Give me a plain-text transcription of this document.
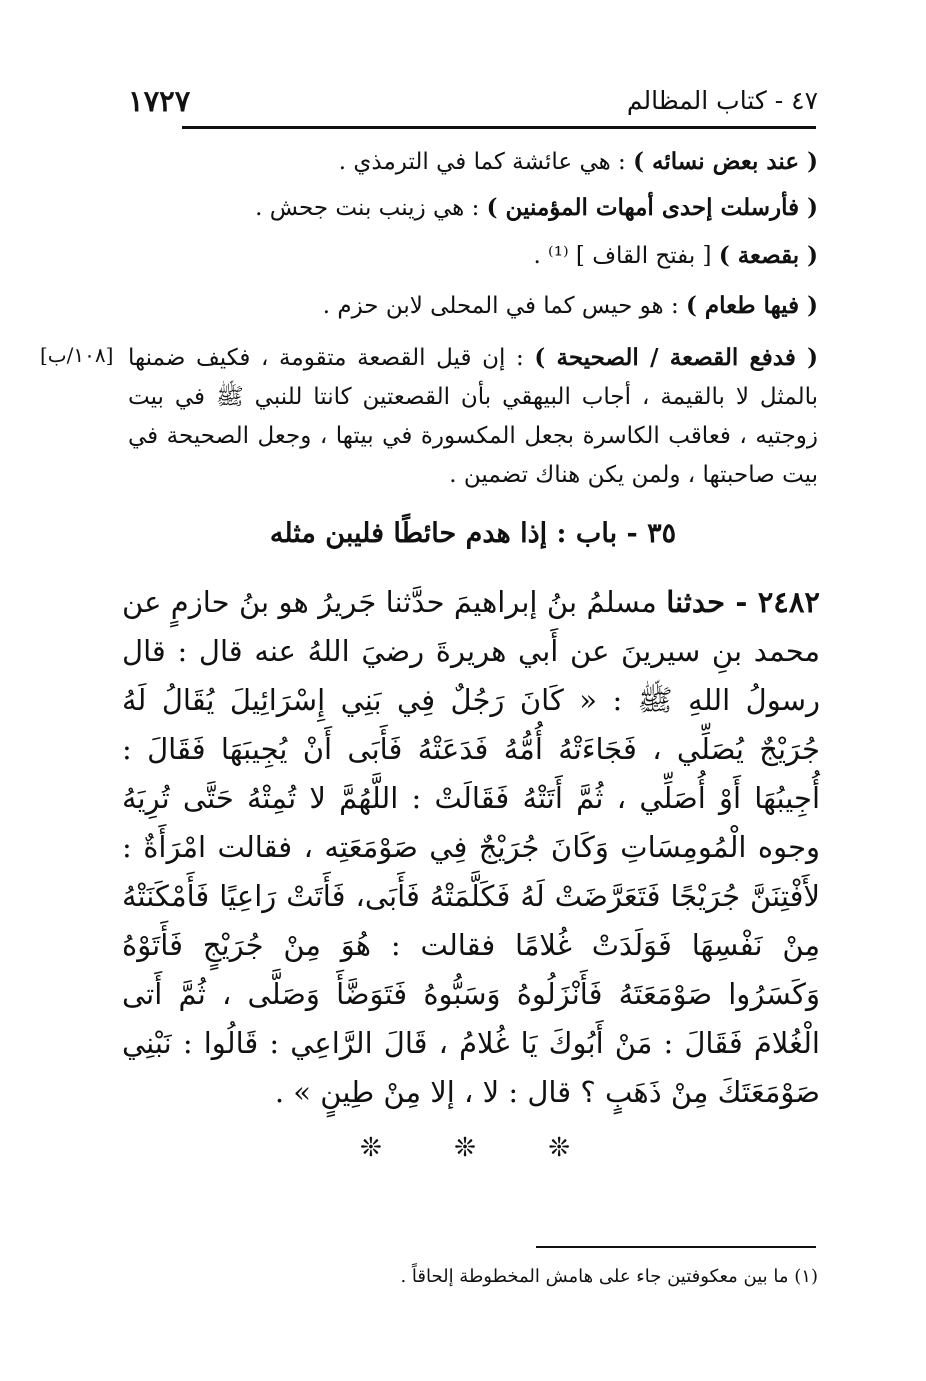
١٧٢٧	٤٧ - كتاب المظالم
( عند بعض نسائه ) : هي عائشة كما في الترمذي .
( فأرسلت إحدى أمهات المؤمنين ) : هي زينب بنت جحش .
( بقصعة ) [ بفتح القاف ] ⁽¹⁾ .
( فيها طعام ) : هو حيس كما في المحلى لابن حزم .
[١٠٨/ب]	( فدفع القصعة / الصحيحة ) : إن قيل القصعة متقومة ، فكيف ضمنها بالمثل لا بالقيمة ، أجاب البيهقي بأن القصعتين كانتا للنبي ﷺ في بيت زوجتيه ، فعاقب الكاسرة بجعل المكسورة في بيتها ، وجعل الصحيحة في بيت صاحبتها ، ولمن يكن هناك تضمين .
٣٥ - باب : إذا هدم حائطًا فليبن مثله
٢٤٨٢ - حدثنا مسلمُ بنُ إبراهيمَ حدَّثنا جَريرُ هو بنُ حازمٍ عن محمد بنِ سيرينَ عن أَبي هريرةَ رضيَ اللهُ عنه قال : قال رسولُ اللهِ ﷺ : « كَانَ رَجُلٌ فِي بَنِي إِسْرَائِيلَ يُقَالُ لَهُ جُرَيْجٌ يُصَلِّي ، فَجَاءَتْهُ أُمُّهُ فَدَعَتْهُ فَأَبَى أَنْ يُجِيبَهَا فَقَالَ : أُجِيبُهَا أَوْ أُصَلِّي ، ثُمَّ أَتَتْهُ فَقَالَتْ : اللَّهُمَّ لا تُمِتْهُ حَتَّى تُرِيَهُ وجوه الْمُومِسَاتِ وَكَانَ جُرَيْجٌ فِي صَوْمَعَتِه ، فقالت امْرَأَةٌ : لأَفْتِنَنَّ جُرَيْجًا فَتَعَرَّضَتْ لَهُ فَكَلَّمَتْهُ فَأَبَى، فَأَتَتْ رَاعِيًا فَأَمْكَنَتْهُ مِنْ نَفْسِهَا فَوَلَدَتْ غُلامًا فقالت : هُوَ مِنْ جُرَيْجٍ فَأَتَوْهُ وَكَسَرُوا صَوْمَعَتَهُ فَأَنْزَلُوهُ وَسَبُّوهُ فَتَوَضَّأَ وَصَلَّى ، ثُمَّ أَتى الْغُلامَ فَقَالَ : مَنْ أَبُوكَ يَا غُلامُ ، قَالَ الرَّاعِي : قَالُوا : نَبْنِي صَوْمَعَتَكَ مِنْ ذَهَبٍ ؟ قال : لا ، إلا مِنْ طِينٍ » .
❊	❊	❊
(١) ما بين معكوفتين جاء على هامش المخطوطة إلحاقاً .
